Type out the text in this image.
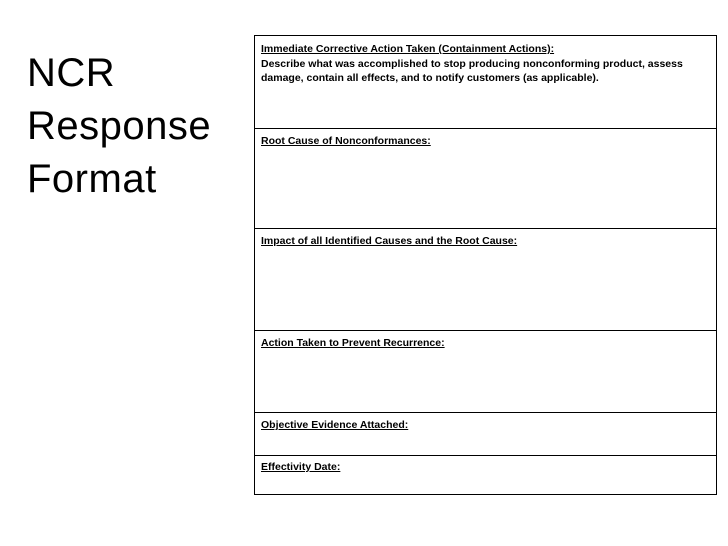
NCR
Response
Format
Immediate Corrective Action Taken (Containment Actions):
Describe what was accomplished to stop producing nonconforming product, assess damage, contain all effects, and to notify customers (as applicable).
Root Cause of Nonconformances:
Impact of all Identified Causes and the Root Cause:
Action Taken to Prevent Recurrence:
Objective Evidence Attached:
Effectivity Date:
